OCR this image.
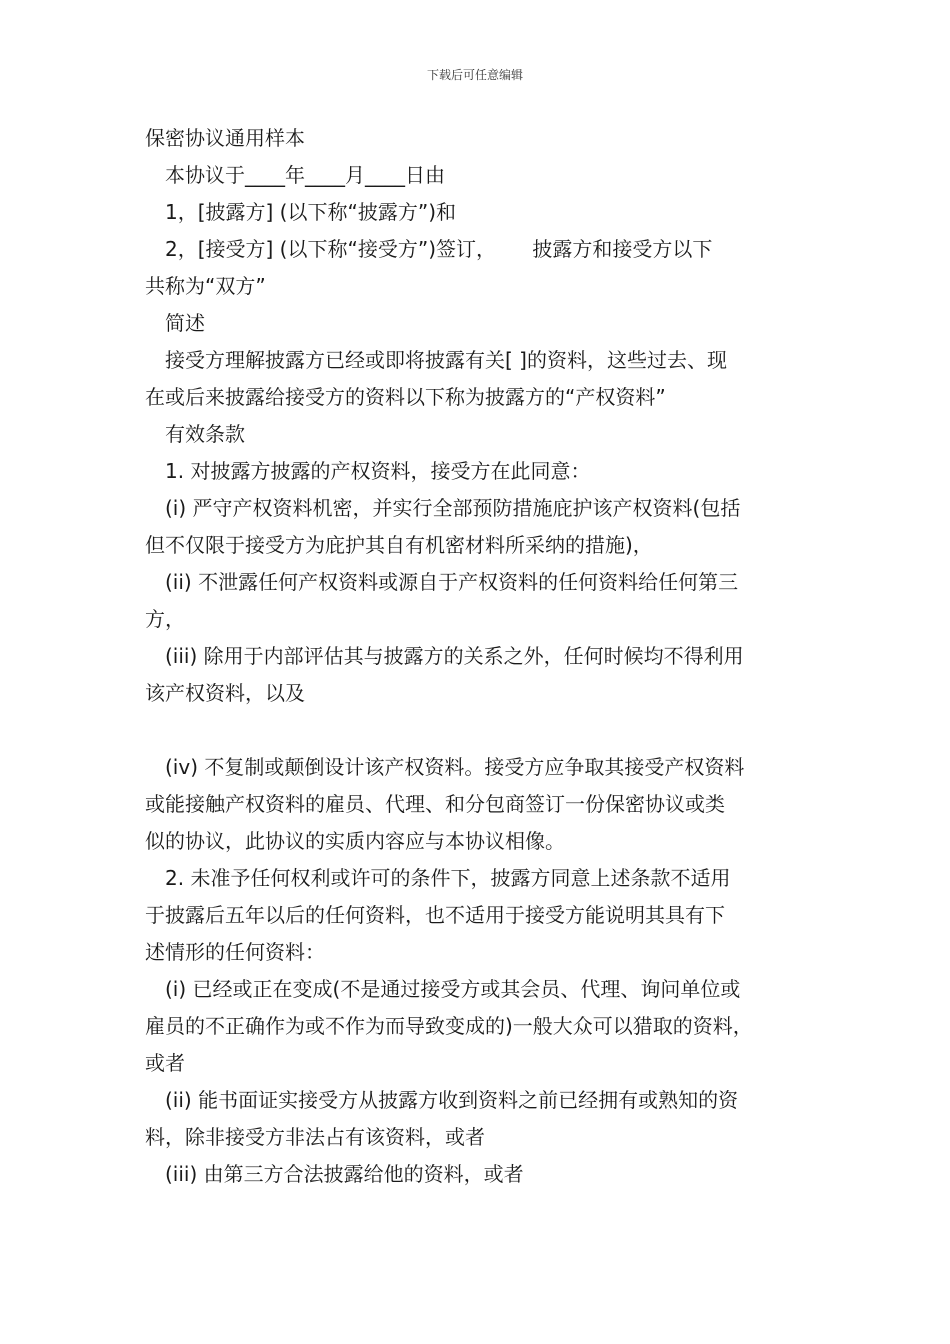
下载后可任意编辑

保密协议通用样本

　本协议于____年____月____日由

　1，[披露方] (以下称“披露方”)和

　2，[接受方] (以下称“接受方”)签订，　　 披露方和接受方以下

共称为“双方”

　简述

　接受方理解披露方已经或即将披露有关[ ]的资料，这些过去、现

在或后来披露给接受方的资料以下称为披露方的“产权资料”

　有效条款

　1. 对披露方披露的产权资料，接受方在此同意：

　(i) 严守产权资料机密，并实行全部预防措施庇护该产权资料(包括

但不仅限于接受方为庇护其自有机密材料所采纳的措施)，

　(ii) 不泄露任何产权资料或源自于产权资料的任何资料给任何第三

方，

　(iii) 除用于内部评估其与披露方的关系之外，任何时候均不得利用

该产权资料，以及

　(iv) 不复制或颠倒设计该产权资料。接受方应争取其接受产权资料

或能接触产权资料的雇员、代理、和分包商签订一份保密协议或类

似的协议，此协议的实质内容应与本协议相像。

　2. 未准予任何权利或许可的条件下，披露方同意上述条款不适用

于披露后五年以后的任何资料，也不适用于接受方能说明其具有下

述情形的任何资料：

　(i) 已经或正在变成(不是通过接受方或其会员、代理、询问单位或

雇员的不正确作为或不作为而导致变成的)一般大众可以猎取的资料，

或者

　(ii) 能书面证实接受方从披露方收到资料之前已经拥有或熟知的资

料，除非接受方非法占有该资料，或者

　(iii) 由第三方合法披露给他的资料，或者
